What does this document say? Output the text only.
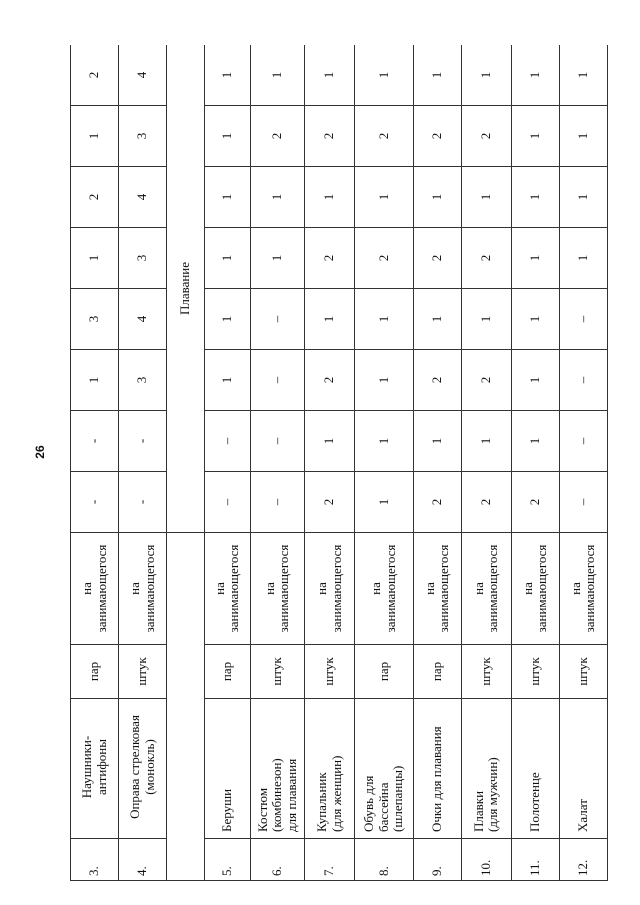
26
3.	Наушники-
антифоны	пар	на
занимающегося	-	-	1	3	1	2	1	2
4.	Оправа стрелковая
(монокль)	штук	на
занимающегося	-	-	3	4	3	4	3	4
				Плавание							
5.	Беруши	пар	на
занимающегося	–	–	1	1	1	1	1	1
6.	Костюм
(комбинезон)
для плавания	штук	на
занимающегося	–	–	–	–	1	1	2	1
7.	Купальник
(для женщин)	штук	на
занимающегося	2	1	2	1	2	1	2	1
8.	Обувь для
бассейна
(шлепанцы)	пар	на
занимающегося	1	1	1	1	2	1	2	1
9.	Очки для плавания	пар	на
занимающегося	2	1	2	1	2	1	2	1
10.	Плавки
(для мужчин)	штук	на
занимающегося	2	1	2	1	2	1	2	1
11.	Полотенце	штук	на
занимающегося	2	1	1	1	1	1	1	1
12.	Халат	штук	на
занимающегося	–	–	–	–	1	1	1	1
